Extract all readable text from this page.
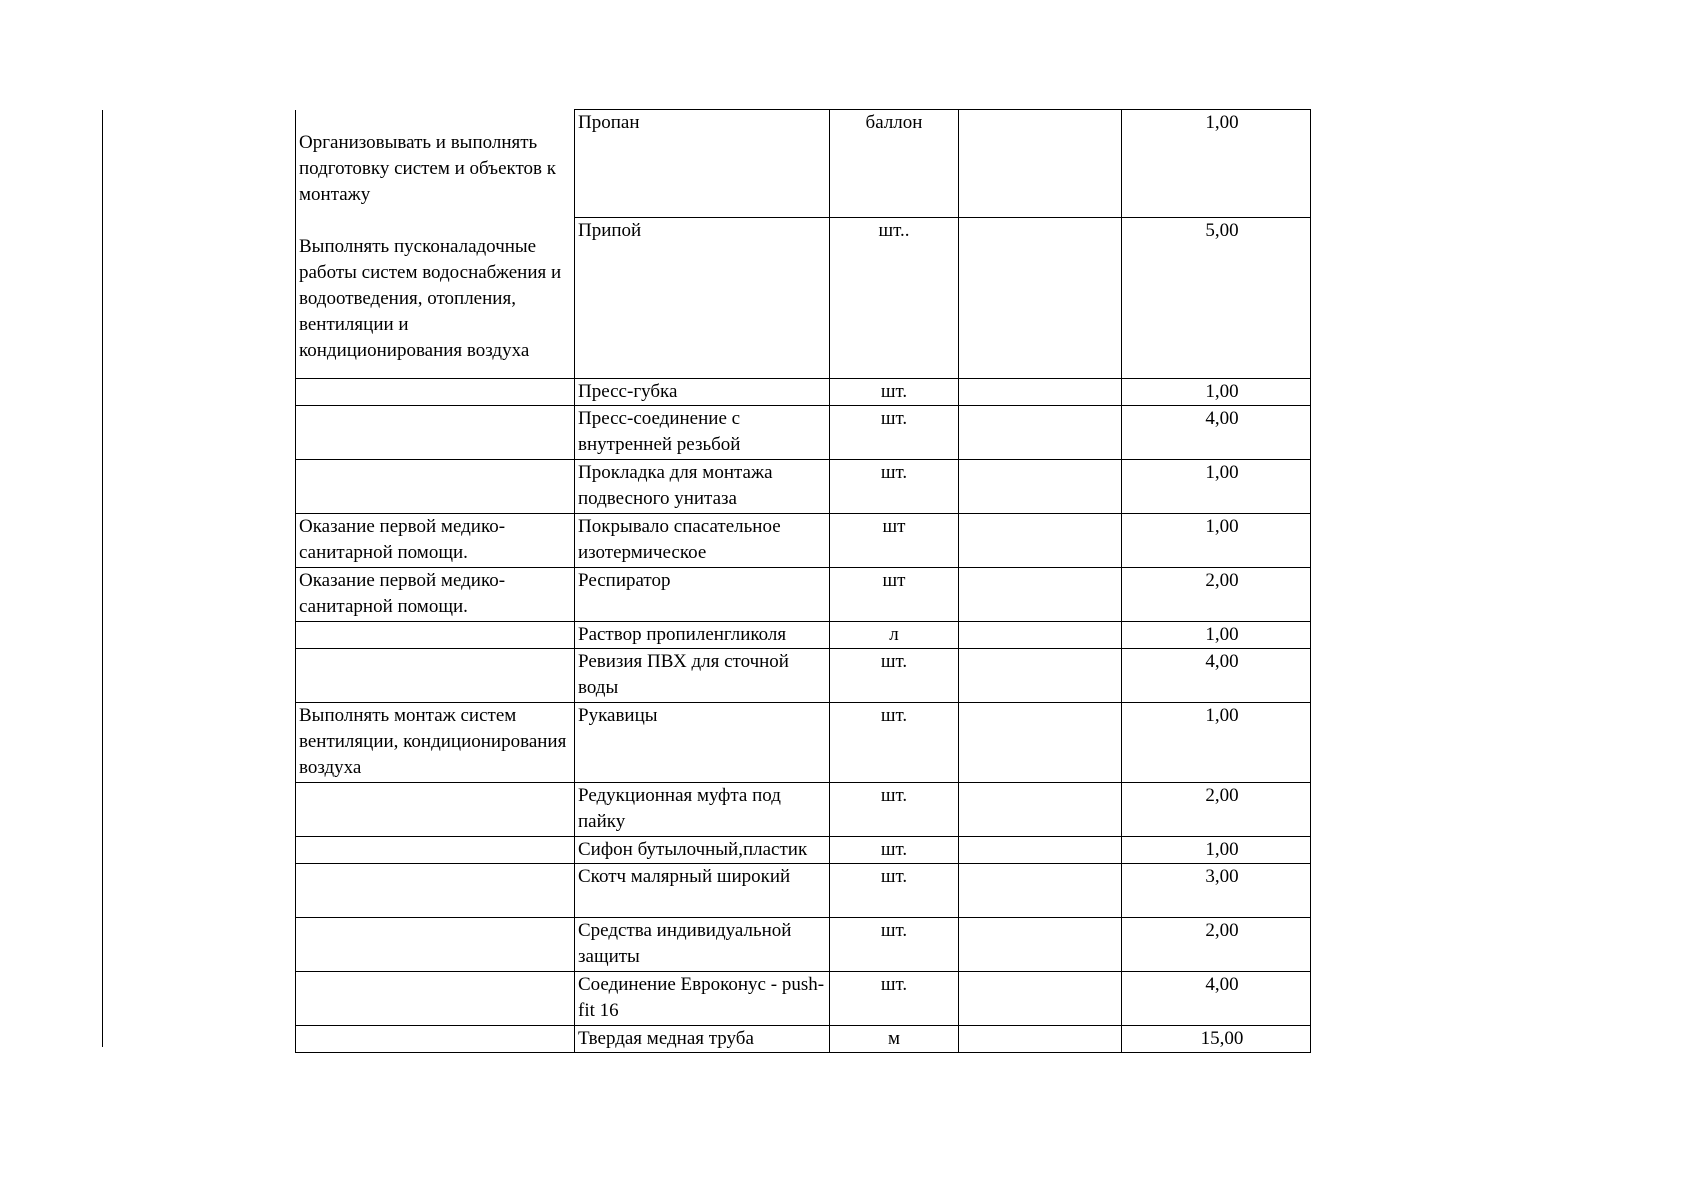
Организовывать и выполнять подготовку систем и объектов к монтажу
Выполнять пусконаладочные работы систем водоснабжения и водоотведения, отопления, вентиляции и кондиционирования воздуха	Пропан	баллон		1,00
	Припой	шт..		5,00
	Пресс-губка	шт.		1,00
	Пресс-соединение с внутренней резьбой	шт.		4,00
	Прокладка для монтажа подвесного унитаза	шт.		1,00
Оказание первой медико-санитарной помощи.	Покрывало спасательное изотермическое	шт		1,00
Оказание первой медико-санитарной помощи.	Респиратор	шт		2,00
	Раствор пропиленгликоля	л		1,00
	Ревизия ПВХ для сточной воды	шт.		4,00
Выполнять монтаж систем вентиляции, кондиционирования воздуха	Рукавицы	шт.		1,00
	Редукционная муфта под пайку	шт.		2,00
	Сифон бутылочный,пластик	шт.		1,00
	Скотч малярный широкий	шт.		3,00
	Средства индивидуальной защиты	шт.		2,00
	Соединение Евроконус - push-fit 16	шт.		4,00
	Твердая медная труба	м		15,00
